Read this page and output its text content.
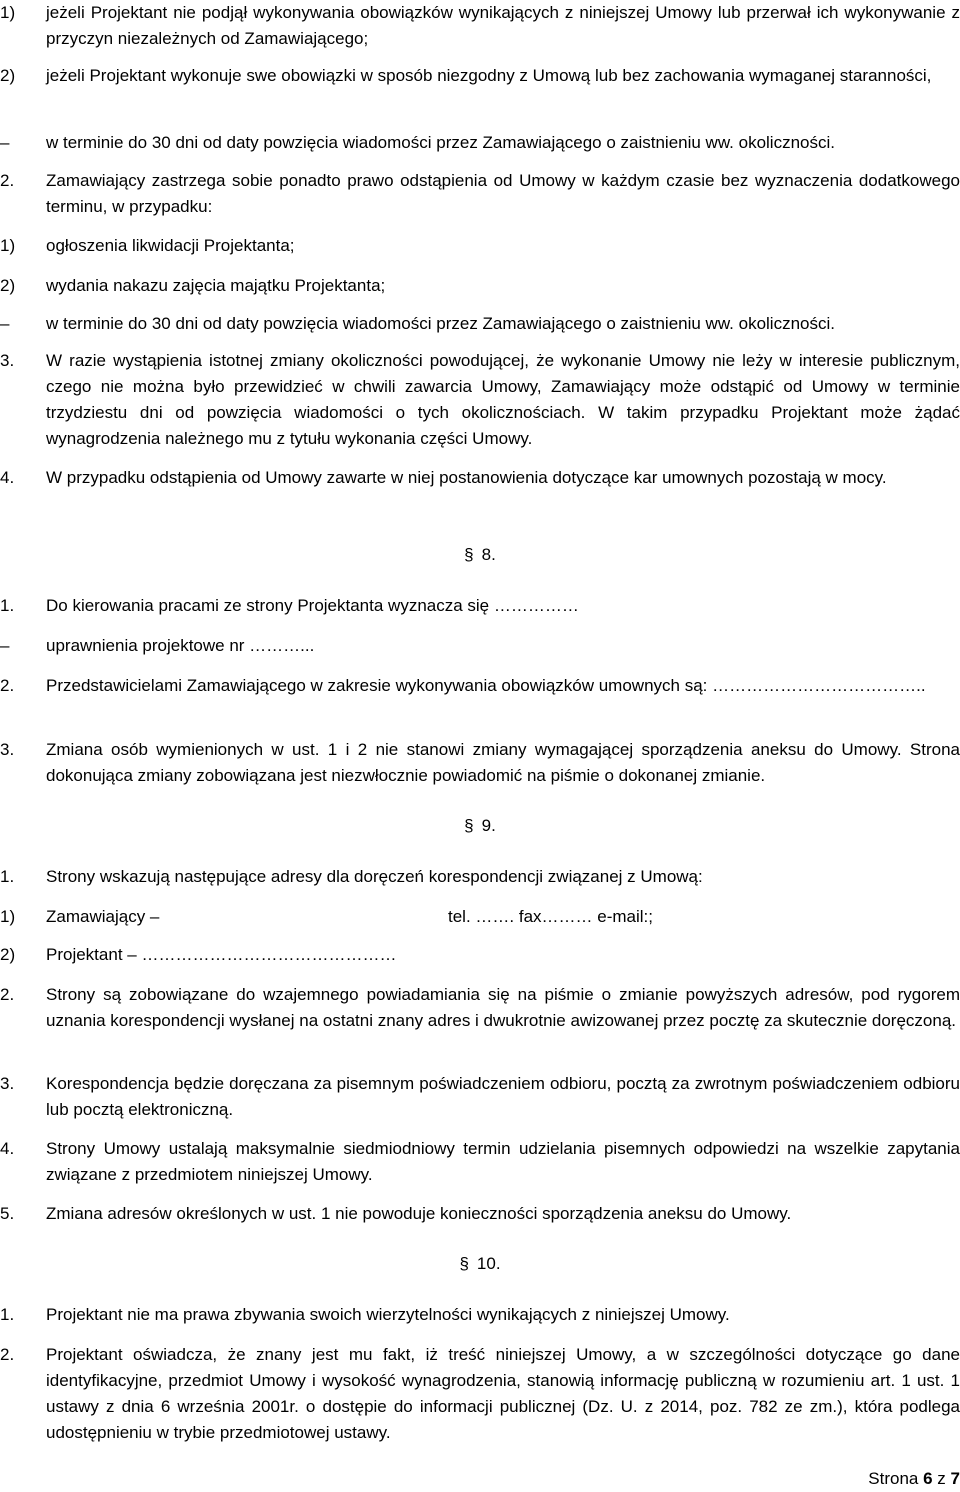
1)	jeżeli Projektant nie podjął wykonywania obowiązków wynikających z niniejszej Umowy lub przerwał ich wykonywanie z przyczyn niezależnych od Zamawiającego;
2)	jeżeli Projektant wykonuje swe obowiązki w sposób niezgodny z Umową lub bez zachowania wymaganej staranności,
–	w terminie do 30 dni od daty powzięcia wiadomości przez Zamawiającego o zaistnieniu ww. okoliczności.
2.	Zamawiający zastrzega sobie ponadto prawo odstąpienia od Umowy w każdym czasie bez wyznaczenia dodatkowego terminu, w przypadku:
1)	ogłoszenia likwidacji Projektanta;
2)	wydania nakazu zajęcia majątku Projektanta;
–	w terminie do 30 dni od daty powzięcia wiadomości przez Zamawiającego o zaistnieniu ww. okoliczności.
3.	W razie wystąpienia istotnej zmiany okoliczności powodującej, że wykonanie Umowy nie leży w interesie publicznym, czego nie można było przewidzieć w chwili zawarcia Umowy, Zamawiający może odstąpić od Umowy w terminie trzydziestu dni od powzięcia wiadomości o tych okolicznościach. W takim przypadku Projektant może żądać wynagrodzenia należnego mu z tytułu wykonania części Umowy.
4.	W przypadku odstąpienia od Umowy zawarte w niej postanowienia dotyczące kar umownych pozostają w mocy.
§ 8.
1.	Do kierowania pracami ze strony Projektanta wyznacza się ……………
–	uprawnienia projektowe nr ………...
2.	Przedstawicielami Zamawiającego w zakresie wykonywania obowiązków umownych są: ………………………………..
3.	Zmiana osób wymienionych w ust. 1 i 2 nie stanowi zmiany wymagającej sporządzenia aneksu do Umowy. Strona dokonująca zmiany zobowiązana jest niezwłocznie powiadomić na piśmie o dokonanej zmianie.
§ 9.
1.	Strony wskazują następujące adresy dla doręczeń korespondencji związanej z Umową:
1)	Zamawiający –	tel. ……. fax……… e-mail:;
2)	Projektant – ………………………………………
2.	Strony są zobowiązane do wzajemnego powiadamiania się na piśmie o zmianie powyższych adresów, pod rygorem uznania korespondencji wysłanej na ostatni znany adres i dwukrotnie awizowanej przez pocztę za skutecznie doręczoną.
3.	Korespondencja będzie doręczana za pisemnym poświadczeniem odbioru, pocztą za zwrotnym poświadczeniem odbioru lub pocztą elektroniczną.
4.	Strony Umowy ustalają maksymalnie siedmiodniowy termin udzielania pisemnych odpowiedzi na wszelkie zapytania związane z przedmiotem niniejszej Umowy.
5.	Zmiana adresów określonych w ust. 1 nie powoduje konieczności sporządzenia aneksu do Umowy.
§ 10.
1.	Projektant nie ma prawa zbywania swoich wierzytelności wynikających z niniejszej Umowy.
2.	Projektant oświadcza, że znany jest mu fakt, iż treść niniejszej Umowy, a w szczególności dotyczące go dane identyfikacyjne, przedmiot Umowy i wysokość wynagrodzenia, stanowią informację publiczną w rozumieniu art. 1 ust. 1 ustawy z dnia 6 września 2001r. o dostępie do informacji publicznej (Dz. U. z 2014, poz. 782 ze zm.), która podlega udostępnieniu w trybie przedmiotowej ustawy.
Strona 6 z 7
